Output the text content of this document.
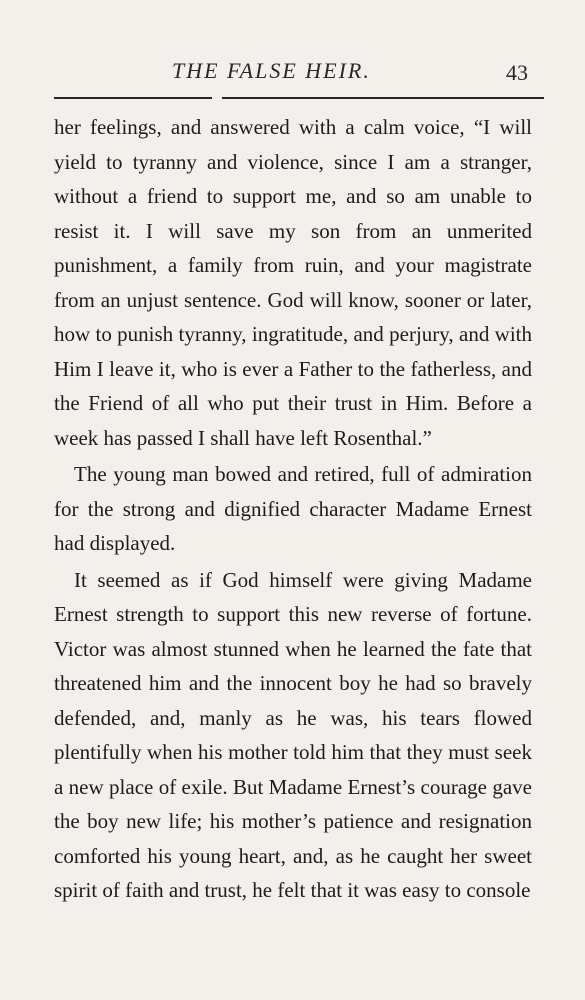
THE FALSE HEIR.	43

her feelings, and answered with a calm voice, “I will yield to tyranny and violence, since I am a stranger, without a friend to support me, and so am unable to resist it. I will save my son from an unmerited punishment, a family from ruin, and your magistrate from an unjust sentence. God will know, sooner or later, how to punish tyranny, ingratitude, and perjury, and with Him I leave it, who is ever a Father to the fatherless, and the Friend of all who put their trust in Him. Before a week has passed I shall have left Rosenthal.”

The young man bowed and retired, full of admiration for the strong and dignified character Madame Ernest had displayed.

It seemed as if God himself were giving Madame Ernest strength to support this new reverse of fortune. Victor was almost stunned when he learned the fate that threatened him and the innocent boy he had so bravely defended, and, manly as he was, his tears flowed plentifully when his mother told him that they must seek a new place of exile. But Madame Ernest’s courage gave the boy new life; his mother’s patience and resignation comforted his young heart, and, as he caught her sweet spirit of faith and trust, he felt that it was easy to console
